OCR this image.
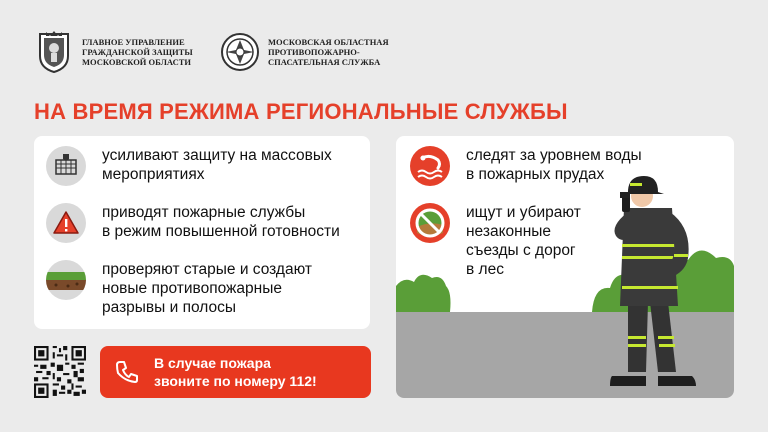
ГЛАВНОЕ УПРАВЛЕНИЕ
ГРАЖДАНСКОЙ ЗАЩИТЫ
МОСКОВСКОЙ ОБЛАСТИ
МОСКОВСКАЯ ОБЛАСТНАЯ
ПРОТИВОПОЖАРНО-
СПАСАТЕЛЬНАЯ СЛУЖБА
НА ВРЕМЯ РЕЖИМА РЕГИОНАЛЬНЫЕ СЛУЖБЫ
усиливают защиту на массовых
мероприятиях
приводят пожарные службы
в режим повышенной готовности
проверяют старые и создают
новые противопожарные
разрывы и полосы
следят за уровнем воды
в пожарных прудах
ищут и убирают
незаконные
съезды с дорог
в лес
В случае пожара
звоните по номеру 112!
